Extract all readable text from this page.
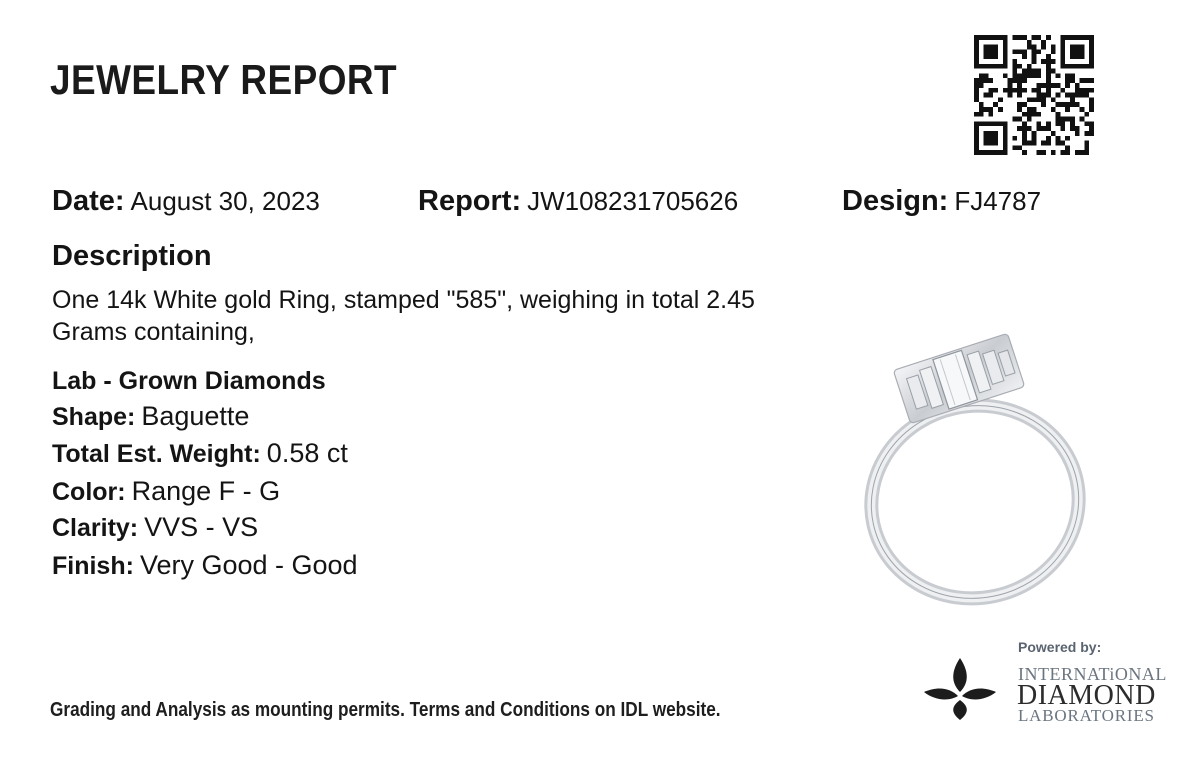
JEWELRY REPORT
Date: August 30, 2023	Report: JW108231705626	Design: FJ4787
Description
One 14k White gold Ring, stamped "585", weighing in total 2.45 Grams containing,
Lab - Grown Diamonds
Shape: Baguette
Total Est. Weight: 0.58 ct
Color: Range F - G
Clarity: VVS - VS
Finish: Very Good - Good
Grading and Analysis as mounting permits. Terms and Conditions on IDL website.
Powered by:
INTERNATiONAL
DIAMOND
LABORATORIES
